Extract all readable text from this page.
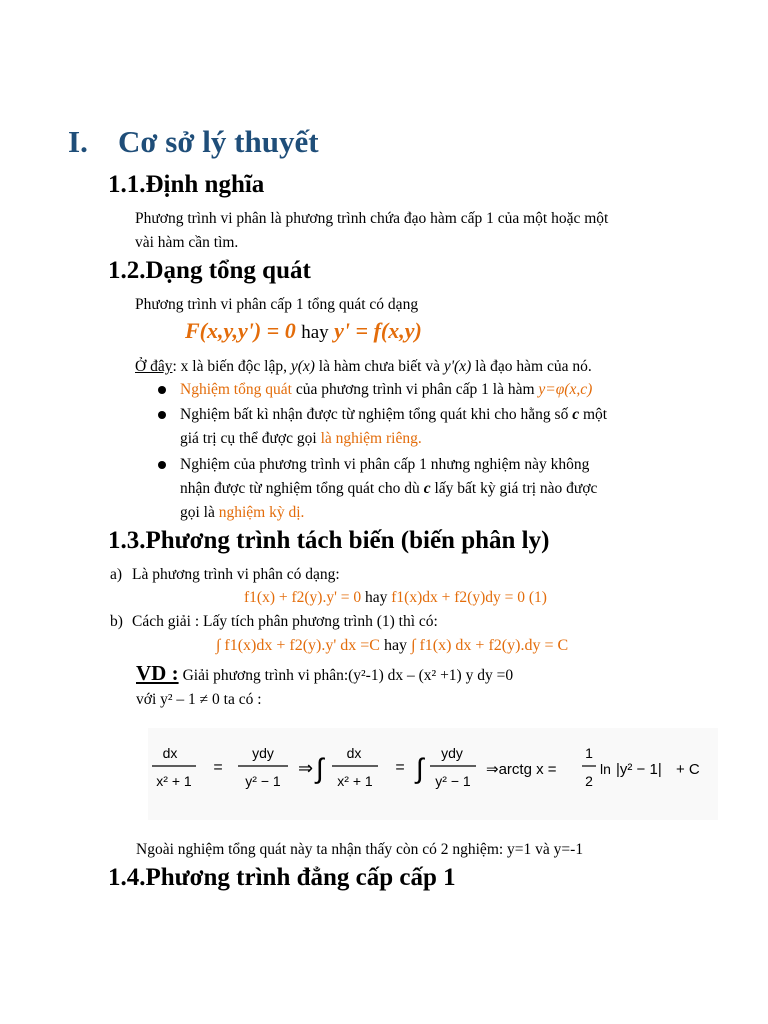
I. Cơ sở lý thuyết
1.1.Định nghĩa
Phương trình vi phân là phương trình chứa đạo hàm cấp 1 của một hoặc một
vài hàm cần tìm.
1.2.Dạng tổng quát
Phương trình vi phân cấp 1 tổng quát có dạng
F(x,y,y') = 0 hay y' = f(x,y)
Ở đây: x là biến độc lập, y(x) là hàm chưa biết và y'(x) là đạo hàm của nó.
Nghiệm tổng quát của phương trình vi phân cấp 1 là hàm y=φ(x,c)
Nghiệm bất kì nhận được từ nghiệm tổng quát khi cho hằng số c một
giá trị cụ thể được gọi là nghiệm riêng.
Nghiệm của phương trình vi phân cấp 1 nhưng nghiệm này không
nhận được từ nghiệm tổng quát cho dù c lấy bất kỳ giá trị nào được
gọi là nghiệm kỳ dị.
1.3.Phương trình tách biến (biến phân ly)
a) Là phương trình vi phân có dạng:
f1(x) + f2(y).y' = 0 hay f1(x)dx + f2(y)dy = 0 (1)
b) Cách giải : Lấy tích phân phương trình (1) thì có:
∫ f1(x)dx + f2(y).y' dx =C hay ∫ f1(x) dx + f2(y).dy = C
VD : Giải phương trình vi phân:(y²-1) dx – (x² +1) y dy =0
với y² – 1 ≠ 0 ta có :
dx
x² + 1
=
ydy
y² − 1
⇒ ∫ dx
x² + 1
= ∫ ydy
y² − 1
⇒arctg x =
1
2
ln |y² − 1| + C
Ngoài nghiệm tổng quát này ta nhận thấy còn có 2 nghiệm: y=1 và y=-1
1.4.Phương trình đẳng cấp cấp 1
